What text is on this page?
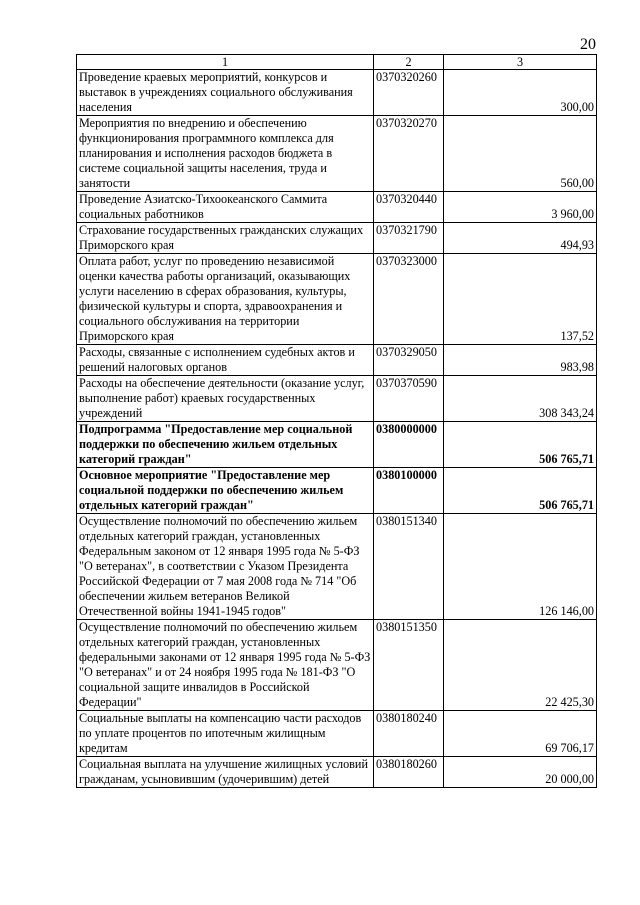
20
1	2	3
Проведение краевых мероприятий, конкурсов и выставок в учреждениях социального обслуживания населения	0370320260	300,00
Мероприятия по внедрению и обеспечению функционирования программного комплекса для планирования и исполнения расходов бюджета в системе социальной защиты населения, труда и занятости	0370320270	560,00
Проведение Азиатско-Тихоокеанского Саммита социальных работников	0370320440	3 960,00
Страхование государственных гражданских служащих Приморского края	0370321790	494,93
Оплата работ, услуг по проведению независимой оценки качества работы организаций, оказывающих услуги населению в сферах образования, культуры, физической культуры и спорта, здравоохранения и социального обслуживания на территории Приморского края	0370323000	137,52
Расходы, связанные с исполнением судебных актов и решений налоговых органов	0370329050	983,98
Расходы на обеспечение деятельности (оказание услуг, выполнение работ) краевых государственных учреждений	0370370590	308 343,24
Подпрограмма "Предоставление мер социальной поддержки по обеспечению жильем отдельных категорий граждан"	0380000000	506 765,71
Основное мероприятие "Предоставление мер социальной поддержки по обеспечению жильем отдельных категорий граждан"	0380100000	506 765,71
Осуществление полномочий по обеспечению жильем отдельных категорий граждан, установленных Федеральным законом от 12 января 1995 года № 5-ФЗ "О ветеранах", в соответствии с Указом Президента Российской Федерации от 7 мая 2008 года № 714 "Об обеспечении жильем ветеранов Великой Отечественной войны 1941-1945 годов"	0380151340	126 146,00
Осуществление полномочий по обеспечению жильем отдельных категорий граждан, установленных федеральными законами от 12 января 1995 года № 5-ФЗ "О ветеранах" и от 24 ноября 1995 года № 181-ФЗ "О социальной защите инвалидов в Российской Федерации"	0380151350	22 425,30
Социальные выплаты на компенсацию части расходов по уплате процентов по ипотечным жилищным кредитам	0380180240	69 706,17
Социальная выплата на улучшение жилищных условий гражданам, усыновившим (удочерившим) детей	0380180260	20 000,00
